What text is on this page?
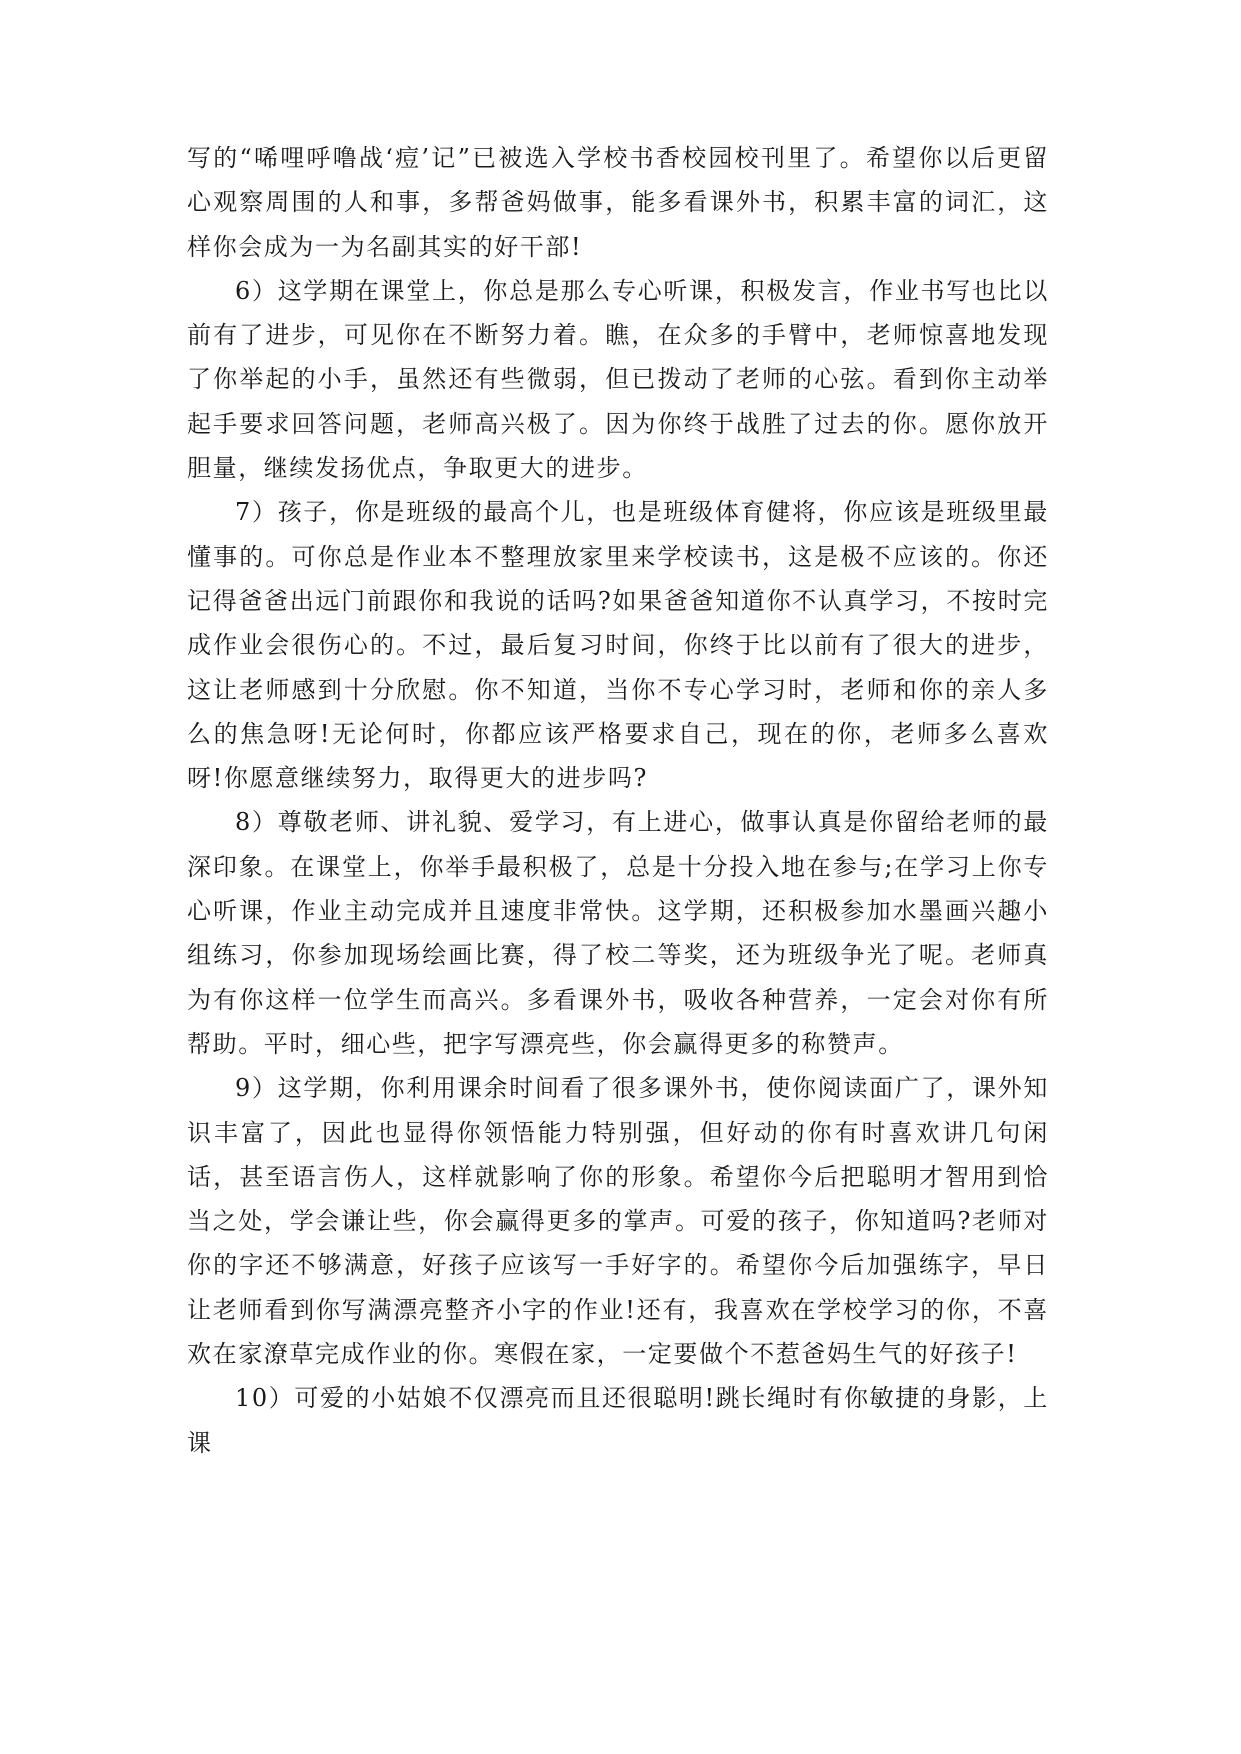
写的“唏哩呼噜战‘痘’记”已被选入学校书香校园校刊里了。希望你以后更留心观察周围的人和事，多帮爸妈做事，能多看课外书，积累丰富的词汇，这样你会成为一为名副其实的好干部!

6）这学期在课堂上，你总是那么专心听课，积极发言，作业书写也比以前有了进步，可见你在不断努力着。瞧，在众多的手臂中，老师惊喜地发现了你举起的小手，虽然还有些微弱，但已拨动了老师的心弦。看到你主动举起手要求回答问题，老师高兴极了。因为你终于战胜了过去的你。愿你放开胆量，继续发扬优点，争取更大的进步。

7）孩子，你是班级的最高个儿，也是班级体育健将，你应该是班级里最懂事的。可你总是作业本不整理放家里来学校读书，这是极不应该的。你还记得爸爸出远门前跟你和我说的话吗?如果爸爸知道你不认真学习，不按时完成作业会很伤心的。不过，最后复习时间，你终于比以前有了很大的进步，这让老师感到十分欣慰。你不知道，当你不专心学习时，老师和你的亲人多么的焦急呀!无论何时，你都应该严格要求自己，现在的你，老师多么喜欢呀!你愿意继续努力，取得更大的进步吗?

8）尊敬老师、讲礼貌、爱学习，有上进心，做事认真是你留给老师的最深印象。在课堂上，你举手最积极了，总是十分投入地在参与;在学习上你专心听课，作业主动完成并且速度非常快。这学期，还积极参加水墨画兴趣小组练习，你参加现场绘画比赛，得了校二等奖，还为班级争光了呢。老师真为有你这样一位学生而高兴。多看课外书，吸收各种营养，一定会对你有所帮助。平时，细心些，把字写漂亮些，你会赢得更多的称赞声。

9）这学期，你利用课余时间看了很多课外书，使你阅读面广了，课外知识丰富了，因此也显得你领悟能力特别强，但好动的你有时喜欢讲几句闲话，甚至语言伤人，这样就影响了你的形象。希望你今后把聪明才智用到恰当之处，学会谦让些，你会赢得更多的掌声。可爱的孩子，你知道吗?老师对你的字还不够满意，好孩子应该写一手好字的。希望你今后加强练字，早日让老师看到你写满漂亮整齐小字的作业!还有，我喜欢在学校学习的你，不喜欢在家潦草完成作业的你。寒假在家，一定要做个不惹爸妈生气的好孩子!

10）可爱的小姑娘不仅漂亮而且还很聪明!跳长绳时有你敏捷的身影，上课
